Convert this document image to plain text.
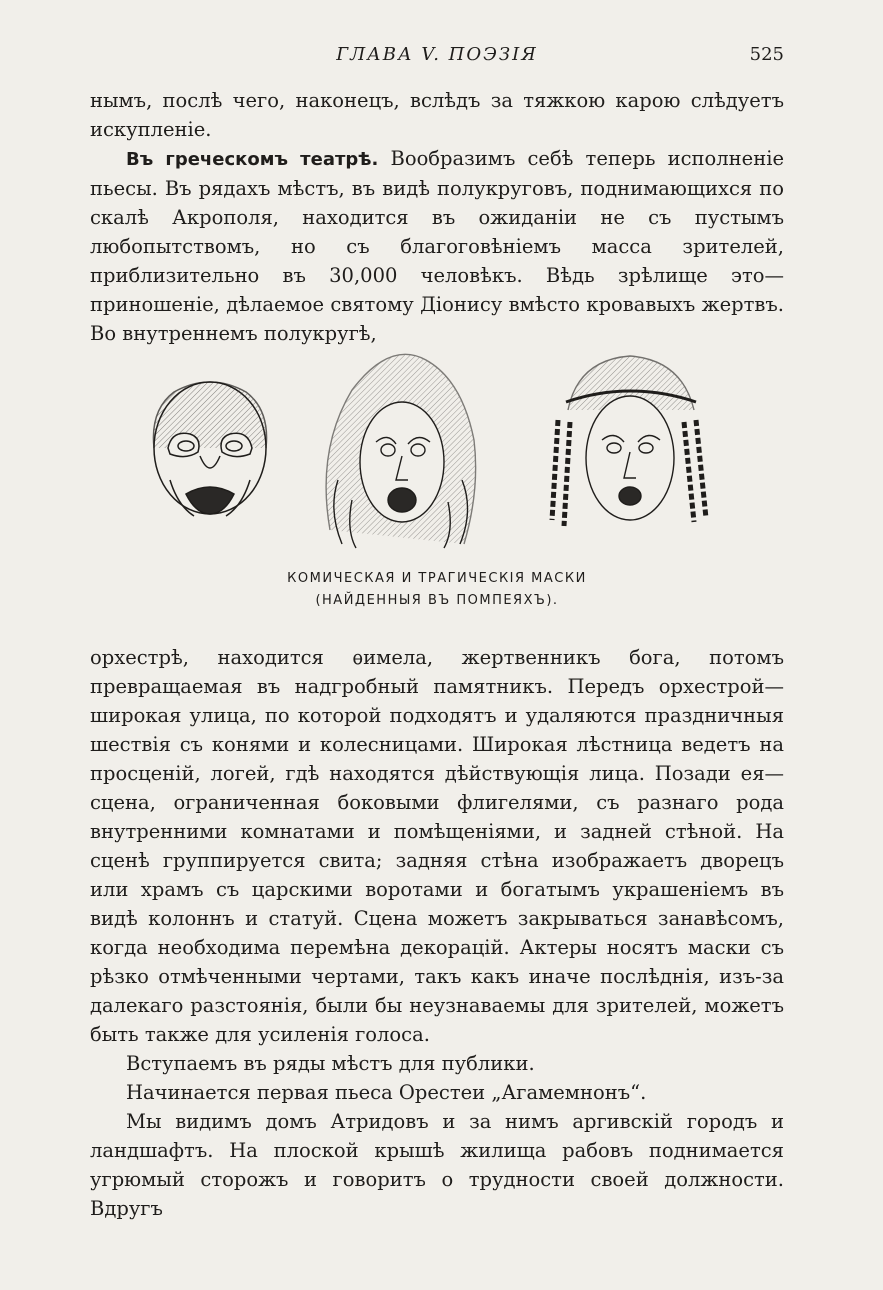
ГЛАВА V. ПОЭЗІЯ	525

нымъ, послѣ чего, наконецъ, вслѣдъ за тяжкою карою слѣдуетъ искупленіе.

Въ греческомъ театрѣ. Вообразимъ себѣ теперь исполненіе пьесы. Въ рядахъ мѣстъ, въ видѣ полукруговъ, поднимающихся по скалѣ Акрополя, находится въ ожиданіи не съ пустымъ любопытствомъ, но съ благоговѣніемъ масса зрителей, приблизительно въ 30,000 человѣкъ. Вѣдь зрѣлище это—приношеніе, дѣлаемое святому Діонису вмѣсто кровавыхъ жертвъ. Во внутреннемъ полукругѣ,

КОМИЧЕСКАЯ И ТРАГИЧЕСКІЯ МАСКИ
(НАЙДЕННЫЯ ВЪ ПОМПЕЯХЪ).

орхестрѣ, находится ѳимела, жертвенникъ бога, потомъ превращаемая въ надгробный памятникъ. Передъ орхестрой—широкая улица, по которой подходятъ и удаляются праздничныя шествія съ конями и колесницами. Широкая лѣстница ведетъ на просценій, логей, гдѣ находятся дѣйствующія лица. Позади ея—сцена, ограниченная боковыми флигелями, съ разнаго рода внутренними комнатами и помѣщеніями, и задней стѣной. На сценѣ группируется свита; задняя стѣна изображаетъ дворецъ или храмъ съ царскими воротами и богатымъ украшеніемъ въ видѣ колоннъ и статуй. Сцена можетъ закрываться занавѣсомъ, когда необходима перемѣна декорацій. Актеры носятъ маски съ рѣзко отмѣченными чертами, такъ какъ иначе послѣднія, изъ-за далекаго разстоянія, были бы неузнаваемы для зрителей, можетъ быть также для усиленія голоса.

Вступаемъ въ ряды мѣстъ для публики.

Начинается первая пьеса Орестеи „Агамемнонъ“.

Мы видимъ домъ Атридовъ и за нимъ аргивскій городъ и ландшафтъ. На плоской крышѣ жилища рабовъ поднимается угрюмый сторожъ и говоритъ о трудности своей должности. Вдругъ
